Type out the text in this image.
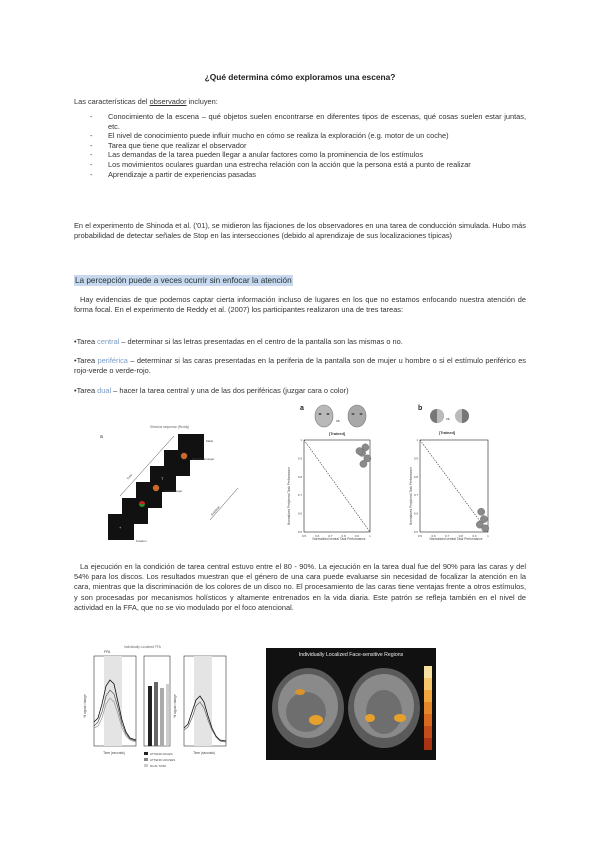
¿Qué determina cómo exploramos una escena?
Las características del observador incluyen:
- Conocimiento de la escena – qué objetos suelen encontrarse en diferentes tipos de escenas, qué cosas suelen estar juntas, etc.
- El nivel de conocimiento puede influir mucho en cómo se realiza la exploración (e.g. motor de un coche)
- Tarea que tiene que realizar el observador
- Las demandas de la tarea pueden llegar a anular factores como la prominencia de los estímulos
- Los movimientos oculares guardan una estrecha relación con la acción que la persona está a punto de realizar
- Aprendizaje a partir de experiencias pasadas
En el experimento de Shinoda et al. ('01), se midieron las fijaciones de los observadores en una tarea de conducción simulada. Hubo más probabilidad de detectar señales de Stop en las intersecciones (debido al aprendizaje de sus localizaciones típicas)
La percepción puede a veces ocurrir sin enfocar la atención
Hay evidencias de que podemos captar cierta información incluso de lugares en los que no estamos enfocando nuestra atención de forma focal. En el experimento de Reddy et al. (2007) los participantes realizaron una de tres tareas:
•Tarea central – determinar si las letras presentadas en el centro de la pantalla son las mismas o no.
•Tarea periférica – determinar si las caras presentadas en la periferia de la pantalla son de mujer u hombre o si el estímulo periférico es rojo-verde o verde-rojo.
•Tarea dual – hacer la tarea central y una de las dos periféricas (juzgar cara o color)
a
Stimulus sequence (Reddy)
Mask
Peripheral target
T
Central target
+
Fixation
Time
Soa/time
a
vs.
[Trained]
0.5	0.6	0.7	0.8	0.9	1
0.5
0.6
0.7
0.8
0.9
1
Normalized central Task Performance
Normalized Peripheral Task Performance
b
vs.
[Trained]
0.5	0.6	0.7	0.8	0.9	1
0.5
0.6
0.7
0.8
0.9
1
Normalized central Task Performance
Normalized Peripheral Task Performance
La ejecución en la condición de tarea central estuvo entre el 80 - 90%. La ejecución en la tarea dual fue del 90% para las caras y del 54% para los discos. Los resultados muestran que el género de una cara puede evaluarse sin necesidad de focalizar la atención en la cara, mientras que la discriminación de los colores de un disco no. El procesamiento de las caras tiene ventajas frente a otros estímulos, y son procesadas por mecanismos holísticos y altamente entrenados en la vida diaria. Este patrón se refleja también en el nivel de actividad en la FFA, que no se vio modulado por el foco atencional.
Individually Localized FFA
FFA
% signal change
Time (seconds)	Time (seconds)
% signal change
ATTEND FACES
ATTEND HOUSES
DUAL TASK
Individually Localized Face-sensitive Regions
